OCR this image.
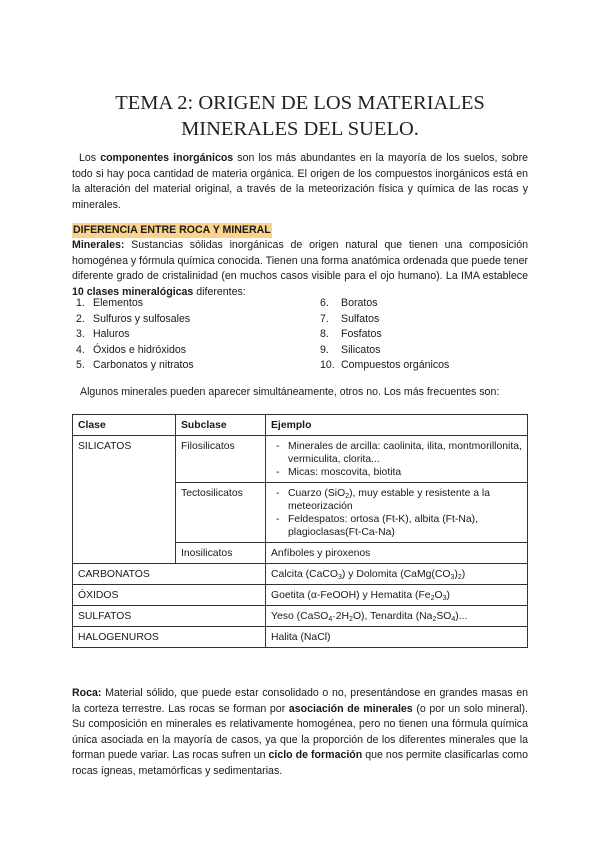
TEMA 2: ORIGEN DE LOS MATERIALES
MINERALES DEL SUELO.
Los componentes inorgánicos son los más abundantes en la mayoría de los suelos, sobre todo si hay poca cantidad de materia orgánica. El origen de los compuestos inorgánicos está en la alteración del material original, a través de la meteorización física y química de las rocas y minerales.
DIFERENCIA ENTRE ROCA Y MINERAL
Minerales: Sustancias sólidas inorgánicas de origen natural que tienen una composición homogénea y fórmula química conocida. Tienen una forma anatómica ordenada que puede tener diferente grado de cristalinidad (en muchos casos visible para el ojo humano). La IMA establece 10 clases mineralógicas diferentes:
1. Elementos
2. Sulfuros y sulfosales
3. Haluros
4. Óxidos e hidróxidos
5. Carbonatos y nitratos
6. Boratos
7. Sulfatos
8. Fosfatos
9. Silicatos
10. Compuestos orgánicos
Algunos minerales pueden aparecer simultáneamente, otros no. Los más frecuentes son:
Clase	Subclase	Ejemplo
SILICATOS	Filosilicatos	- Minerales de arcilla: caolinita, ilita, montmorillonita, vermiculita, clorita...
- Micas: moscovita, biotita

	Tectosilicatos	- Cuarzo (SiO$_2$), muy estable y resistente a la meteorización
- Feldespatos: ortosa (Ft-K), albita (Ft-Na), plagioclasas(Ft-Ca-Na)

	Inosilicatos	Anfíboles y piroxenos
CARBONATOS		Calcita (CaCO$_3$) y Dolomita $(CaMg(CO_3)_2)$
ÓXIDOS		Goetita (α-FeOOH) y Hematita $(Fe_2O_3)$
SULFATOS		Yeso $(CaSO_4\cdot 2H_2O)$, Tenardita $(Na_2SO_4)$...
HALOGENUROS		Halita (NaCl)
Roca: Material sólido, que puede estar consolidado o no, presentándose en grandes masas en la corteza terrestre. Las rocas se forman por asociación de minerales (o por un solo mineral). Su composición en minerales es relativamente homogénea, pero no tienen una fórmula química única asociada en la mayoría de casos, ya que la proporción de los diferentes minerales que la forman puede variar. Las rocas sufren un ciclo de formación que nos permite clasificarlas como rocas ígneas, metamórficas y sedimentarias.
